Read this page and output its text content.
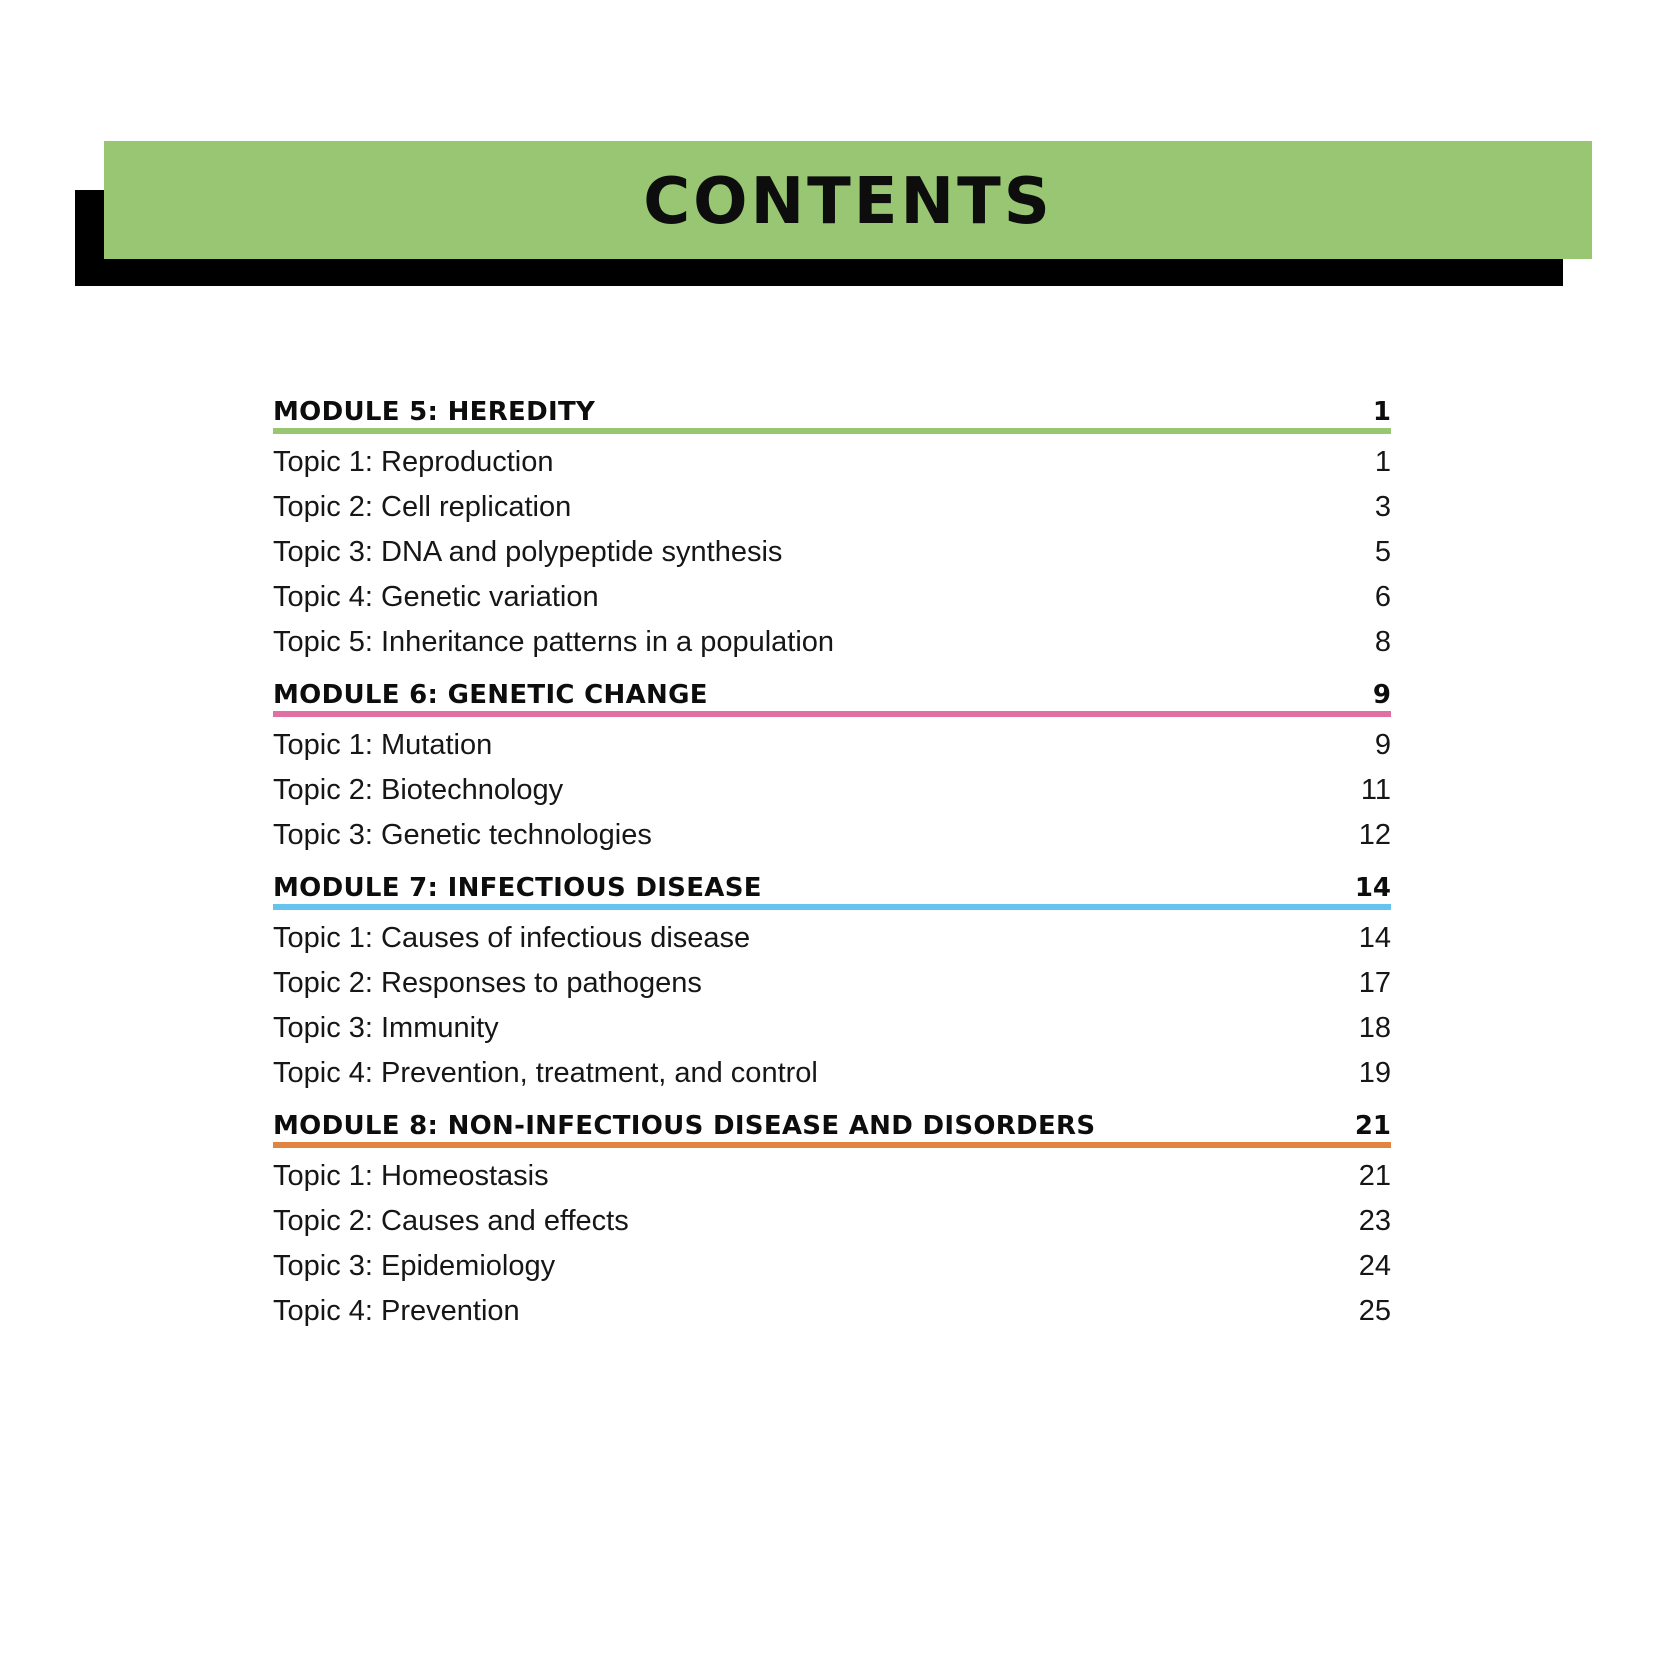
CONTENTS
MODULE 5: HEREDITY	1
Topic 1: Reproduction	1
Topic 2: Cell replication	3
Topic 3: DNA and polypeptide synthesis	5
Topic 4: Genetic variation	6
Topic 5: Inheritance patterns in a population	8
MODULE 6: GENETIC CHANGE	9
Topic 1: Mutation	9
Topic 2: Biotechnology	11
Topic 3: Genetic technologies	12
MODULE 7: INFECTIOUS DISEASE	14
Topic 1: Causes of infectious disease	14
Topic 2: Responses to pathogens	17
Topic 3: Immunity	18
Topic 4: Prevention, treatment, and control	19
MODULE 8: NON-INFECTIOUS DISEASE AND DISORDERS	21
Topic 1: Homeostasis	21
Topic 2: Causes and effects	23
Topic 3: Epidemiology	24
Topic 4: Prevention	25
